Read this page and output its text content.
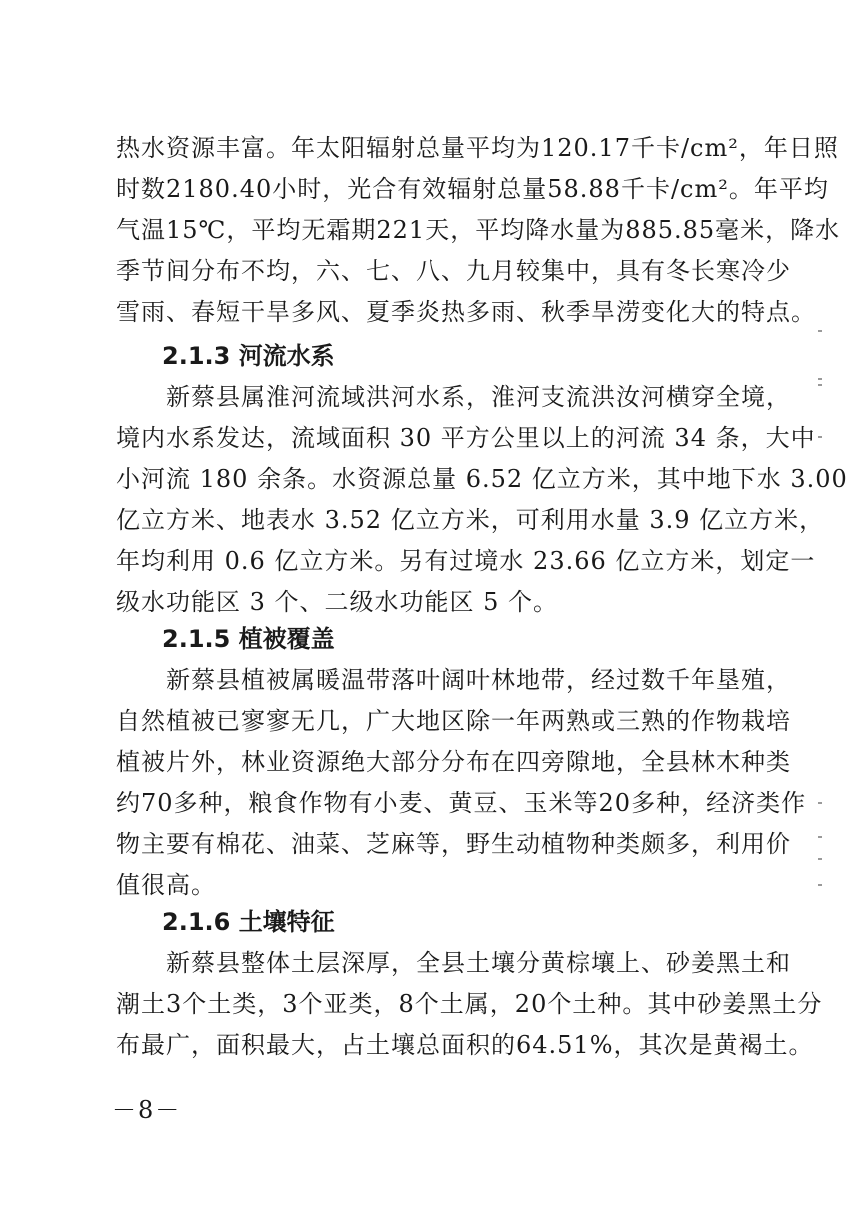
热水资源丰富。年太阳辐射总量平均为120.17千卡/cm²，年日照

时数2180.40小时，光合有效辐射总量58.88千卡/cm²。年平均

气温15℃，平均无霜期221天，平均降水量为885.85毫米，降水

季节间分布不均，六、七、八、九月较集中，具有冬长寒冷少

雪雨、春短干旱多风、夏季炎热多雨、秋季旱涝变化大的特点。

2.1.3 河流水系

　　新蔡县属淮河流域洪河水系，淮河支流洪汝河横穿全境，

境内水系发达，流域面积 30 平方公里以上的河流 34 条，大中

小河流 180 余条。水资源总量 6.52 亿立方米，其中地下水 3.00

亿立方米、地表水 3.52 亿立方米，可利用水量 3.9 亿立方米，

年均利用 0.6 亿立方米。另有过境水 23.66 亿立方米，划定一

级水功能区 3 个、二级水功能区 5 个。

2.1.5 植被覆盖

　　新蔡县植被属暖温带落叶阔叶林地带，经过数千年垦殖，

自然植被已寥寥无几，广大地区除一年两熟或三熟的作物栽培

植被片外，林业资源绝大部分分布在四旁隙地，全县林木种类

约70多种，粮食作物有小麦、黄豆、玉米等20多种，经济类作

物主要有棉花、油菜、芝麻等，野生动植物种类颇多，利用价

值很高。

2.1.6 土壤特征

　　新蔡县整体土层深厚，全县土壤分黄棕壤上、砂姜黑土和

潮土3个土类，3个亚类，8个土属，20个土种。其中砂姜黑土分

布最广，面积最大，占土壤总面积的64.51%，其次是黄褐土。

－8－
